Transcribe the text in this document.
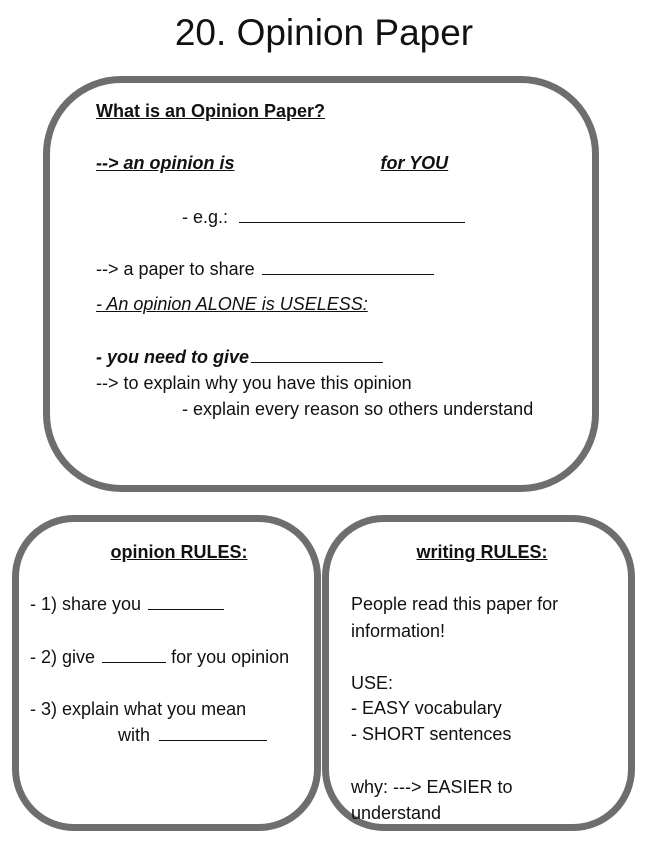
20. Opinion Paper
What is an Opinion Paper?
--> an opinion is	for YOU
- e.g.:
--> a paper to share
- An opinion ALONE is USELESS:
- you need to give
--> to explain why you have this opinion
- explain every reason so others understand
opinion RULES:
- 1) share you
- 2) give	for you opinion
- 3) explain what you mean
with
writing RULES:
People read this paper for
information!
USE:
- EASY vocabulary
- SHORT sentences
why: ---> EASIER to
understand
